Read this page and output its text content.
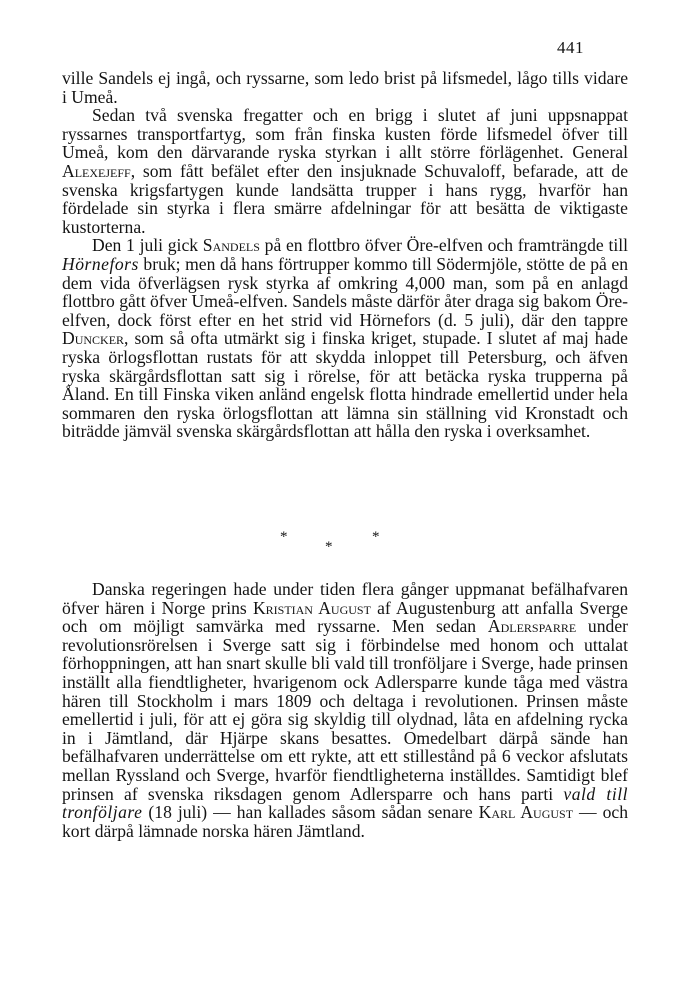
441

ville Sandels ej ingå, och ryssarne, som ledo brist på lifsmedel, lågo tills vidare i Umeå.

Sedan två svenska fregatter och en brigg i slutet af juni uppsnappat ryssarnes transportfartyg, som från finska kusten förde lifsmedel öfver till Umeå, kom den därvarande ryska styrkan i allt större förlägenhet. General Alexejeff, som fått befälet efter den insjuknade Schuvaloff, befarade, att de svenska krigsfartygen kunde landsätta trupper i hans rygg, hvarför han fördelade sin styrka i flera smärre afdelningar för att besätta de viktigaste kustorterna.

Den 1 juli gick Sandels på en flottbro öfver Öre-elfven och framträngde till Hörnefors bruk; men då hans förtrupper kommo till Södermjöle, stötte de på en dem vida öfverlägsen rysk styrka af omkring 4,000 man, som på en anlagd flottbro gått öfver Umeå-elfven. Sandels måste därför åter draga sig bakom Öre-elfven, dock först efter en het strid vid Hörnefors (d. 5 juli), där den tappre Duncker, som så ofta utmärkt sig i finska kriget, stupade. I slutet af maj hade ryska örlogsflottan rustats för att skydda inloppet till Petersburg, och äfven ryska skärgårdsflottan satt sig i rörelse, för att betäcka ryska trupperna på Åland. En till Finska viken anländ engelsk flotta hindrade emellertid under hela sommaren den ryska örlogsflottan att lämna sin ställning vid Kronstadt och biträdde jämväl svenska skärgårdsflottan att hålla den ryska i overksamhet.

*
*
*

Danska regeringen hade under tiden flera gånger uppmanat befälhafvaren öfver hären i Norge prins Kristian August af Augustenburg att anfalla Sverge och om möjligt samvärka med ryssarne. Men sedan Adlersparre under revolutionsrörelsen i Sverge satt sig i förbindelse med honom och uttalat förhoppningen, att han snart skulle bli vald till tronföljare i Sverge, hade prinsen inställt alla fiendtligheter, hvarigenom ock Adlersparre kunde tåga med västra hären till Stockholm i mars 1809 och deltaga i revolutionen. Prinsen måste emellertid i juli, för att ej göra sig skyldig till olydnad, låta en afdelning rycka in i Jämtland, där Hjärpe skans besattes. Omedelbart därpå sände han befälhafvaren underrättelse om ett rykte, att ett stillestånd på 6 veckor afslutats mellan Ryssland och Sverge, hvarför fiendtligheterna inställdes. Samtidigt blef prinsen af svenska riksdagen genom Adlersparre och hans parti vald till tronföljare (18 juli) — han kallades såsom sådan senare Karl August — och kort därpå lämnade norska hären Jämtland.
